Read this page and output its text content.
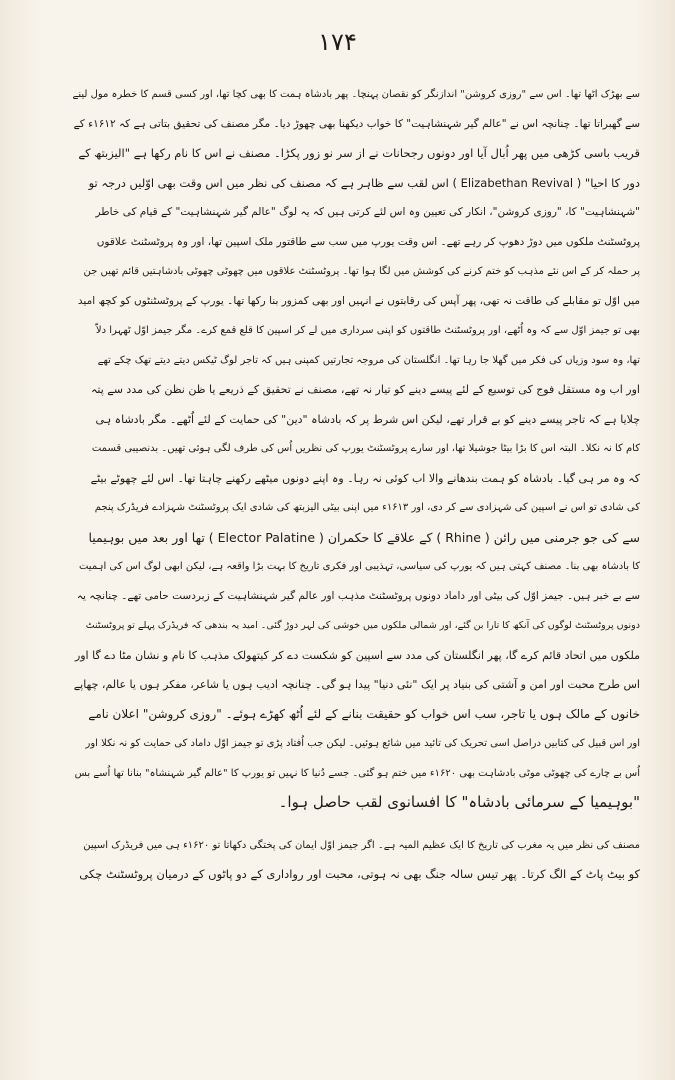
۱۷۴
سے بھڑک اٹھا تھا۔ اس سے "روزی کروشن" اندازنگر کو نقصان پہنچا۔ پھر بادشاہ ہمت کا بھی کچا تھا، اور کسی قسم کا خطرہ مول لینے
سے گھبراتا تھا۔ چنانچہ اس نے "عالم گیر شہنشاہیت" کا خواب دیکھنا بھی چھوڑ دیا۔ مگر مصنف کی تحقیق بتاتی ہے کہ ۱۶۱۲ء کے
قریب باسی کڑھی میں پھر اُبال آیا اور دونوں رجحانات نے از سر نو زور پکڑا۔ مصنف نے اس کا نام رکھا ہے "الیزبتھ کے
دور کا احیا" ( Elizabethan Revival ) اس لقب سے ظاہر ہے کہ مصنف کی نظر میں اس وقت بھی اوّلیں درجہ تو
"شہنشاہیت" کا، "روزی کروشن"، انکار کی تعیین وہ اس لئے کرتی ہیں کہ یہ لوگ "عالم گیر شہنشاہیت" کے قیام کی خاطر
پروٹسٹنٹ ملکوں میں دوڑ دھوپ کر رہے تھے۔ اس وقت یورپ میں سب سے طاقتور ملک اسپین تھا، اور وہ پروٹسٹنٹ علاقوں
پر حملہ کر کے اس نئے مذہب کو ختم کرنے کی کوشش میں لگا ہوا تھا۔ پروٹسٹنٹ علاقوں میں چھوٹی چھوٹی بادشاہتیں قائم تھیں جن
میں اوّل تو مقابلے کی طاقت نہ تھی، پھر آپس کی رقابتوں نے انہیں اور بھی کمزور بنا رکھا تھا۔ یورپ کے پروٹسٹنٹوں کو کچھ امید
بھی تو جیمز اوّل سے کہ وہ اُٹھے، اور پروٹسٹنٹ طاقتوں کو اپنی سرداری میں لے کر اسپین کا قلع قمع کرے۔ مگر جیمز اوّل ٹھہرا دلاّ
تھا، وہ سود وزیاں کی فکر میں گھلا جا رہا تھا۔ انگلستان کی مروجہ تجارتیں کمپنی ہیں کہ تاجر لوگ ٹیکس دیتے دیتے تھک چکے تھے
اور اب وہ مستقل فوج کی توسیع کے لئے پیسے دینے کو تیار نہ تھے، مصنف نے تحقیق کے ذریعے یا ظن نظن کی مدد سے پتہ
چلایا ہے کہ تاجر پیسے دینے کو بے قرار تھے، لیکن اس شرط پر کہ بادشاہ "دین" کی حمایت کے لئے اُٹھے۔ مگر بادشاہ ہی
کام کا نہ نکلا۔ البتہ اس کا بڑا بیٹا جوشیلا تھا، اور سارے پروٹسٹنٹ یورپ کی نظریں اُس کی طرف لگی ہوئی تھیں۔ بدنصیبی قسمت
کہ وہ مر ہی گیا۔ بادشاہ کو ہمت بندھانے والا اب کوئی نہ رہا۔ وہ اپنے دونوں میٹھے رکھنے چاہتا تھا۔ اس لئے چھوٹے بیٹے
کی شادی تو اس نے اسپین کی شہزادی سے کر دی، اور ۱۶۱۳ء میں اپنی بیٹی الیزبتھ کی شادی ایک پروٹسٹنٹ شہزادے فریڈرک پنجم
سے کی جو جرمنی میں رائن ( Rhine ) کے علاقے کا حکمران ( Elector Palatine ) تھا اور بعد میں بوہیمیا
کا بادشاہ بھی بنا۔ مصنف کہتی ہیں کہ یورپ کی سیاسی، تہذیبی اور فکری تاریخ کا بہت بڑا واقعہ ہے، لیکن ابھی لوگ اس کی اہمیت
سے بے خبر ہیں۔ جیمز اوّل کی بیٹی اور داماد دونوں پروٹسٹنٹ مذہب اور عالم گیر شہنشاہیت کے زبردست حامی تھے۔ چنانچہ یہ
دونوں پروٹسٹنٹ لوگوں کی آنکھ کا تارا بن گئے، اور شمالی ملکوں میں خوشی کی لہر دوڑ گئی۔ امید یہ بندھی کہ فریڈرک پہلے تو پروٹسٹنٹ
ملکوں میں اتحاد قائم کرے گا، پھر انگلستان کی مدد سے اسپین کو شکست دے کر کیتھولک مذہب کا نام و نشان مٹا دے گا اور
اس طرح محبت اور امن و آشتی کی بنیاد پر ایک "نئی دنیا" پیدا ہو گی۔ چنانچہ ادیب ہوں یا شاعر، مفکر ہوں یا عالم، چھاپے
خانوں کے مالک ہوں یا تاجر، سب اس خواب کو حقیقت بنانے کے لئے اُٹھ کھڑے ہوئے۔ "روزی کروشن" اعلان نامے
اور اس قبیل کی کتابیں دراصل اسی تحریک کی تائید میں شائع ہوئیں۔ لیکن جب اُفتاد پڑی تو جیمز اوّل داماد کی حمایت کو نہ نکلا اور
اُس بے چارے کی چھوٹی موٹی بادشاہت بھی ۱۶۲۰ء میں ختم ہو گئی۔ جسے دُنیا کا نہیں تو یورپ کا "عالم گیر شہنشاہ" بنانا تھا اُسے بس
"بوہیمیا کے سرمائی بادشاہ" کا افسانوی لقب حاصل ہوا۔
مصنف کی نظر میں یہ مغرب کی تاریخ کا ایک عظیم المیہ ہے۔ اگر جیمز اوّل ایمان کی پختگی دکھاتا تو ۱۶۲۰ء ہی میں فریڈرک اسپین
کو بیٹ پاٹ کے الگ کرتا۔ پھر تیس سالہ جنگ بھی نہ ہوتی، محبت اور رواداری کے دو پاٹوں کے درمیان پروٹسٹنٹ چکی
